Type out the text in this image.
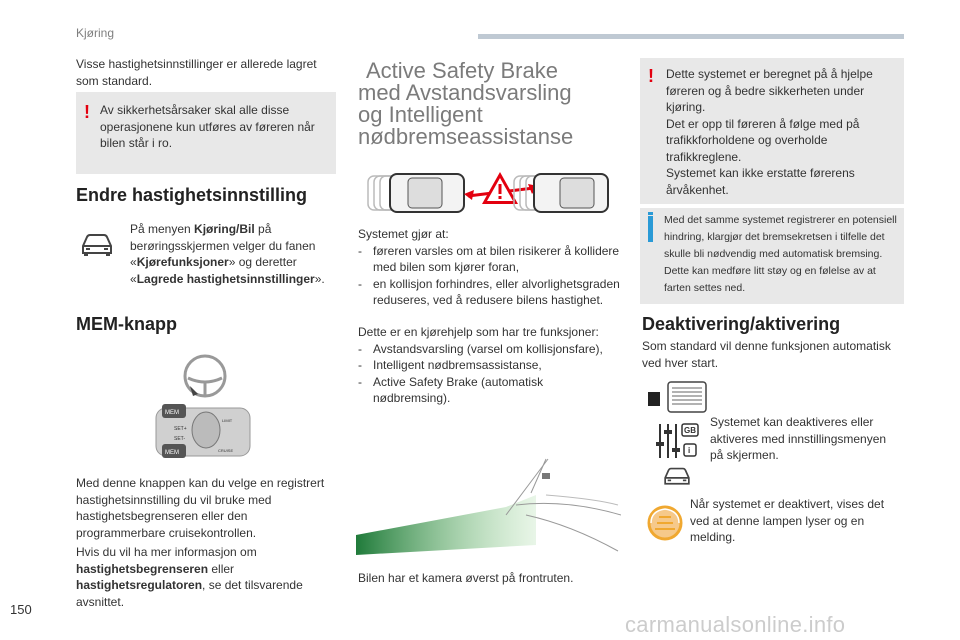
Kjøring
Visse hastighetsinnstillinger er allerede lagret som standard.
! Av sikkerhetsårsaker skal alle disse operasjonene kun utføres av føreren når bilen står i ro.
Endre hastighetsinnstilling
På menyen Kjøring/Bil på berøringsskjermen velger du fanen «Kjørefunksjoner» og deretter «Lagrede hastighetsinnstillinger».
MEM-knapp
MEM
MEM
SET+
SET-
LIMIT
CRUISE
Med denne knappen kan du velge en registrert hastighetsinnstilling du vil bruke med hastighetsbegrenseren eller den programmerbare cruisekontrollen.
Hvis du vil ha mer informasjon om hastighetsbegrenseren eller hastighetsregulatoren, se det tilsvarende avsnittet.
Active Safety Brake
med Avstandsvarsling
og Intelligent
nødbremseassistanse
Systemet gjør at:
- føreren varsles om at bilen risikerer å kollidere med bilen som kjører foran,
- en kollisjon forhindres, eller alvorlighetsgraden reduseres, ved å redusere bilens hastighet.
Dette er en kjørehjelp som har tre funksjoner:
- Avstandsvarsling (varsel om kollisjonsfare),
- Intelligent nødbremsassistanse,
- Active Safety Brake (automatisk nødbremsing).
Bilen har et kamera øverst på frontruten.
! Dette systemet er beregnet på å hjelpe føreren og å bedre sikkerheten under kjøring.
Det er opp til føreren å følge med på trafikkforholdene og overholde trafikkreglene.
Systemet kan ikke erstatte førerens årvåkenhet.
Med det samme systemet registrerer en potensiell hindring, klargjør det bremsekretsen i tilfelle det skulle bli nødvendig med automatisk bremsing. Dette kan medføre litt støy og en følelse av at farten settes ned.
Deaktivering/aktivering
Som standard vil denne funksjonen automatisk ved hver start.
GB
i
Systemet kan deaktiveres eller aktiveres med innstillingsmenyen på skjermen.
Når systemet er deaktivert, vises det ved at denne lampen lyser og en melding.
150
carmanualsonline.info
